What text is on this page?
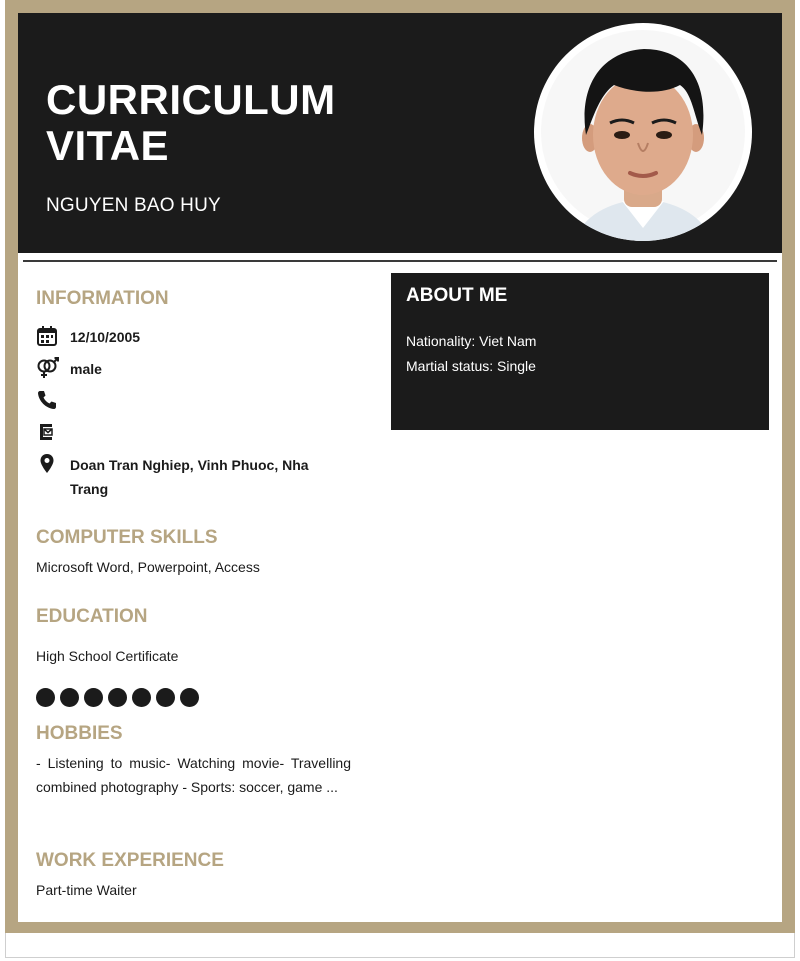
CURRICULUM
VITAE
NGUYEN BAO HUY
INFORMATION
12/10/2005
male
Doan Tran Nghiep, Vinh Phuoc, Nha Trang
COMPUTER SKILLS
Microsoft Word, Powerpoint, Access
EDUCATION
High School Certificate
HOBBIES
- Listening to music- Watching movie- Travelling combined photography - Sports: soccer, game ...
WORK EXPERIENCE
Part-time Waiter
ABOUT ME
Nationality: Viet Nam
Martial status: Single
